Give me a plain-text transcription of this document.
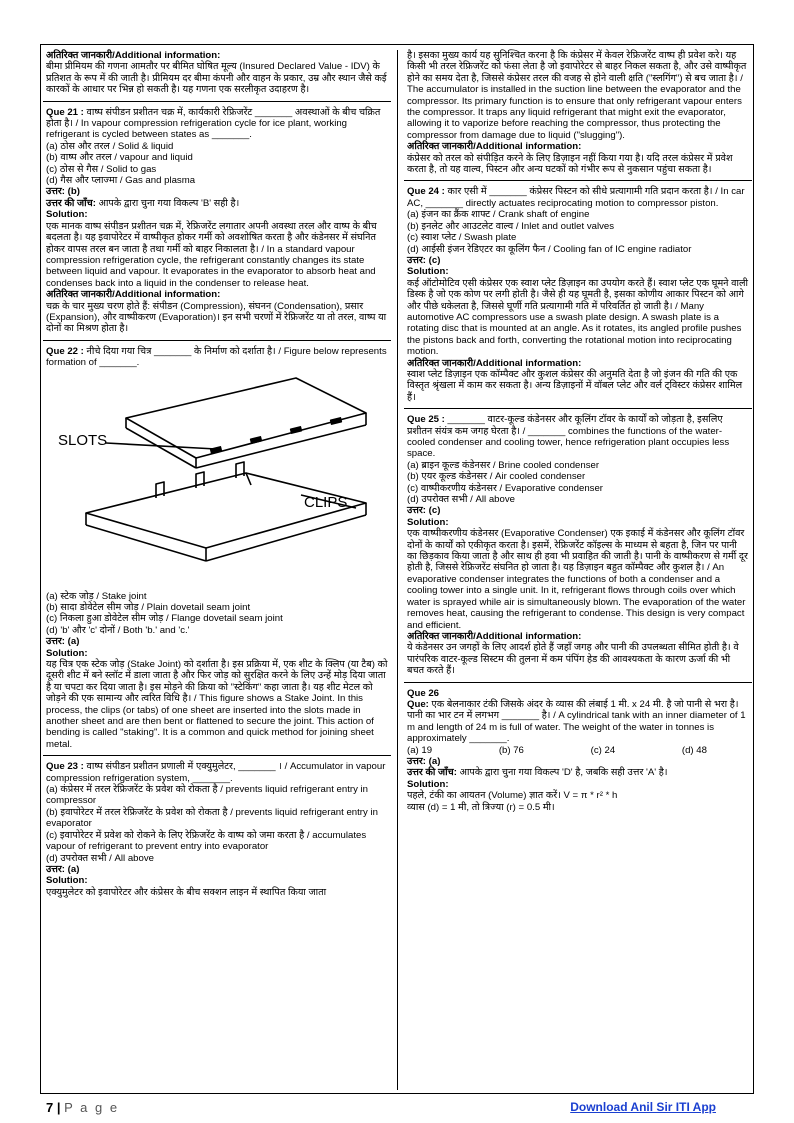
अतिरिक्त जानकारी/Additional information:

बीमा प्रीमियम की गणना आमतौर पर बीमित घोषित मूल्य (Insured Declared Value - IDV) के प्रतिशत के रूप में की जाती है। प्रीमियम दर बीमा कंपनी और वाहन के प्रकार, उम्र और स्थान जैसे कई कारकों के आधार पर भिन्न हो सकती है। यह गणना एक सरलीकृत उदाहरण है।

Que 21 : वाष्प संपीडन प्रशीतन चक्र में, कार्यकारी रेफ्रिजरेंट _______ अवस्थाओं के बीच चक्रित होता है। / In vapour compression refrigeration cycle for ice plant, working refrigerant is cycled between states as _______.

(a) ठोस और तरल / Solid & liquid

(b) वाष्प और तरल / vapour and liquid

(c) ठोस से गैस / Solid to gas

(d) गैस और प्लाज्मा / Gas and plasma

उत्तर: (b)

उत्तर की जाँच: आपके द्वारा चुना गया विकल्प 'B' सही है।

Solution:

एक मानक वाष्प संपीडन प्रशीतन चक्र में, रेफ्रिजरेंट लगातार अपनी अवस्था तरल और वाष्प के बीच बदलता है। यह इवापोरेटर में वाष्पीकृत होकर गर्मी को अवशोषित करता है और कंडेनसर में संघनित होकर वापस तरल बन जाता है तथा गर्मी को बाहर निकालता है। / In a standard vapour compression refrigeration cycle, the refrigerant constantly changes its state between liquid and vapour. It evaporates in the evaporator to absorb heat and condenses back into a liquid in the condenser to release heat.

अतिरिक्त जानकारी/Additional information:

चक्र के चार मुख्य चरण होते हैं: संपीडन (Compression), संघनन (Condensation), प्रसार (Expansion), और वाष्पीकरण (Evaporation)। इन सभी चरणों में रेफ्रिजरेंट या तो तरल, वाष्प या दोनों का मिश्रण होता है।

Que 22 : नीचे दिया गया चित्र _______ के निर्माण को दर्शाता है। / Figure below represents formation of _______.

SLOTS
CLIPS

(a) स्टेक जोड़ / Stake joint

(b) सादा डोवेटेल सीम जोड़ / Plain dovetail seam joint

(c) निकला हुआ डोवेटेल सीम जोड़ / Flange dovetail seam joint

(d) 'b' और 'c' दोनों / Both 'b.' and 'c.'

उत्तर: (a)

Solution:

यह चित्र एक स्टेक जोड़ (Stake Joint) को दर्शाता है। इस प्रक्रिया में, एक शीट के क्लिप (या टैब) को दूसरी शीट में बने स्लॉट में डाला जाता है और फिर जोड़ को सुरक्षित करने के लिए उन्हें मोड़ दिया जाता है या चपटा कर दिया जाता है। इस मोड़ने की क्रिया को "स्टेकिंग" कहा जाता है। यह शीट मेटल को जोड़ने की एक सामान्य और त्वरित विधि है। / This figure shows a Stake Joint. In this process, the clips (or tabs) of one sheet are inserted into the slots made in another sheet and are then bent or flattened to secure the joint. This action of bending is called "staking". It is a common and quick method for joining sheet metal.

Que 23 : वाष्प संपीडन प्रशीतन प्रणाली में एक्युमुलेटर, _______ । / Accumulator in vapour compression refrigeration system, _______.

(a) कंप्रेसर में तरल रेफ्रिजरेंट के प्रवेश को रोकता है / prevents liquid refrigerant entry in compressor

(b) इवापोरेटर में तरल रेफ्रिजरेंट के प्रवेश को रोकता है / prevents liquid refrigerant entry in evaporator

(c) इवापोरेटर में प्रवेश को रोकने के लिए रेफ्रिजरेंट के वाष्प को जमा करता है / accumulates vapour of refrigerant to prevent entry into evaporator

(d) उपरोक्त सभी / All above

उत्तर: (a)

Solution:

एक्युमुलेटर को इवापोरेटर और कंप्रेसर के बीच सक्शन लाइन में स्थापित किया जाता

है। इसका मुख्य कार्य यह सुनिश्चित करना है कि कंप्रेसर में केवल रेफ्रिजरेंट वाष्प ही प्रवेश करे। यह किसी भी तरल रेफ्रिजरेंट को फंसा लेता है जो इवापोरेटर से बाहर निकल सकता है, और उसे वाष्पीकृत होने का समय देता है, जिससे कंप्रेसर तरल की वजह से होने वाली क्षति ("स्लगिंग") से बच जाता है। / The accumulator is installed in the suction line between the evaporator and the compressor. Its primary function is to ensure that only refrigerant vapour enters the compressor. It traps any liquid refrigerant that might exit the evaporator, allowing it to vaporize before reaching the compressor, thus protecting the compressor from damage due to liquid ("slugging").

अतिरिक्त जानकारी/Additional information:

कंप्रेसर को तरल को संपीड़ित करने के लिए डिज़ाइन नहीं किया गया है। यदि तरल कंप्रेसर में प्रवेश करता है, तो यह वाल्व, पिस्टन और अन्य घटकों को गंभीर रूप से नुकसान पहुंचा सकता है।

Que 24 : कार एसी में _______ कंप्रेसर पिस्टन को सीधे प्रत्यागामी गति प्रदान करता है। / In car AC, _______ directly actuates reciprocating motion to compressor piston.

(a) इंजन का क्रैंक शाफ्ट / Crank shaft of engine

(b) इनलेट और आउटलेट वाल्व / Inlet and outlet valves

(c) स्वाश प्लेट / Swash plate

(d) आईसी इंजन रेडिएटर का कूलिंग फैन / Cooling fan of IC engine radiator

उत्तर: (c)

Solution:

कई ऑटोमोटिव एसी कंप्रेसर एक स्वाश प्लेट डिज़ाइन का उपयोग करते हैं। स्वाश प्लेट एक घूमने वाली डिस्क है जो एक कोण पर लगी होती है। जैसे ही यह घूमती है, इसका कोणीय आकार पिस्टन को आगे और पीछे धकेलता है, जिससे घूर्णी गति प्रत्यागामी गति में परिवर्तित हो जाती है। / Many automotive AC compressors use a swash plate design. A swash plate is a rotating disc that is mounted at an angle. As it rotates, its angled profile pushes the pistons back and forth, converting the rotational motion into reciprocating motion.

अतिरिक्त जानकारी/Additional information:

स्वाश प्लेट डिज़ाइन एक कॉम्पैक्ट और कुशल कंप्रेसर की अनुमति देता है जो इंजन की गति की एक विस्तृत श्रृंखला में काम कर सकता है। अन्य डिज़ाइनों में वॉबल प्लेट और वर्ल ट्विस्टर कंप्रेसर शामिल हैं।

Que 25 : _______ वाटर-कूल्ड कंडेनसर और कूलिंग टॉवर के कार्यों को जोड़ता है, इसलिए प्रशीतन संयंत्र कम जगह घेरता है। / _______ combines the functions of the water-cooled condenser and cooling tower, hence refrigeration plant occupies less space.

(a) ब्राइन कूल्ड कंडेनसर / Brine cooled condenser

(b) एयर कूल्ड कंडेनसर / Air cooled condenser

(c) वाष्पीकरणीय कंडेनसर / Evaporative condenser

(d) उपरोक्त सभी / All above

उत्तर: (c)

Solution:

एक वाष्पीकरणीय कंडेनसर (Evaporative Condenser) एक इकाई में कंडेनसर और कूलिंग टॉवर दोनों के कार्यों को एकीकृत करता है। इसमें, रेफ्रिजरेंट कॉइल्स के माध्यम से बहता है, जिन पर पानी का छिड़काव किया जाता है और साथ ही हवा भी प्रवाहित की जाती है। पानी के वाष्पीकरण से गर्मी दूर होती है, जिससे रेफ्रिजरेंट संघनित हो जाता है। यह डिज़ाइन बहुत कॉम्पैक्ट और कुशल है। / An evaporative condenser integrates the functions of both a condenser and a cooling tower into a single unit. In it, refrigerant flows through coils over which water is sprayed while air is simultaneously blown. The evaporation of the water removes heat, causing the refrigerant to condense. This design is very compact and efficient.

अतिरिक्त जानकारी/Additional information:

ये कंडेनसर उन जगहों के लिए आदर्श होते हैं जहाँ जगह और पानी की उपलब्धता सीमित होती है। वे पारंपरिक वाटर-कूल्ड सिस्टम की तुलना में कम पंपिंग हेड की आवश्यकता के कारण ऊर्जा की भी बचत करते हैं।

Que 26

Que: एक बेलनाकार टंकी जिसके अंदर के व्यास की लंबाई 1 मी. x 24 मी. है जो पानी से भरा है। पानी का भार टन में लगभग _______ है। / A cylindrical tank with an inner diameter of 1 m and length of 24 m is full of water. The weight of the water in tonnes is approximately _______.

(a) 19	(b) 76	(c) 24	(d) 48

उत्तर: (a)

उत्तर की जाँच: आपके द्वारा चुना गया विकल्प 'D' है, जबकि सही उत्तर 'A' है।

Solution:

पहले, टंकी का आयतन (Volume) ज्ञात करें। V = π * r² * h

व्यास (d) = 1 मी, तो त्रिज्या (r) = 0.5 मी।

7 | P a g e	Download Anil Sir ITI App
